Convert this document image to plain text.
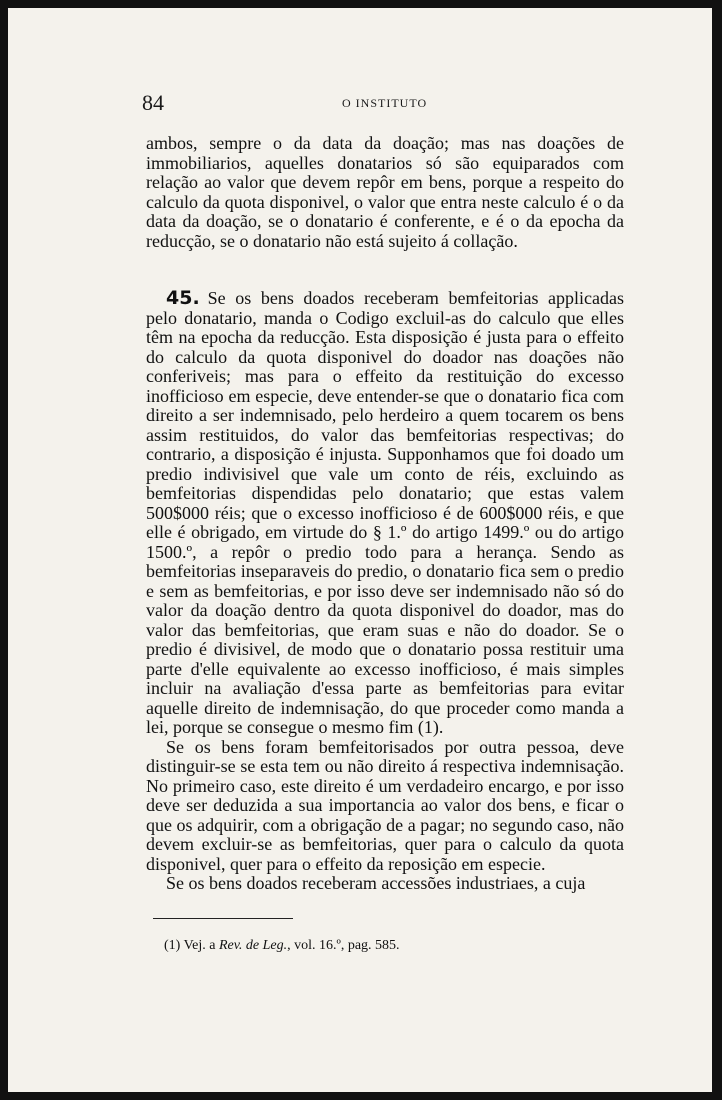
84	O INSTITUTO

ambos, sempre o da data da doação; mas nas doações de immobiliarios, aquelles donatarios só são equiparados com relação ao valor que devem repôr em bens, porque a respeito do calculo da quota disponivel, o valor que entra neste calculo é o da data da doação, se o donatario é conferente, e é o da epocha da reducção, se o donatario não está sujeito á collação.

45. Se os bens doados receberam bemfeitorias applicadas pelo donatario, manda o Codigo excluil-as do calculo que elles têm na epocha da reducção. Esta disposição é justa para o effeito do calculo da quota disponivel do doador nas doações não conferiveis; mas para o effeito da restituição do excesso inofficioso em especie, deve entender-se que o donatario fica com direito a ser indemnisado, pelo herdeiro a quem tocarem os bens assim restituidos, do valor das bemfeitorias respectivas; do contrario, a disposição é injusta. Supponhamos que foi doado um predio indivisivel que vale um conto de réis, excluindo as bemfeitorias dispendidas pelo donatario; que estas valem 500$000 réis; que o excesso inofficioso é de 600$000 réis, e que elle é obrigado, em virtude do § 1.º do artigo 1499.º ou do artigo 1500.º, a repôr o predio todo para a herança. Sendo as bemfeitorias inseparaveis do predio, o donatario fica sem o predio e sem as bemfeitorias, e por isso deve ser indemnisado não só do valor da doação dentro da quota disponivel do doador, mas do valor das bemfeitorias, que eram suas e não do doador. Se o predio é divisivel, de modo que o donatario possa restituir uma parte d'elle equivalente ao excesso inofficioso, é mais simples incluir na avaliação d'essa parte as bemfeitorias para evitar aquelle direito de indemnisação, do que proceder como manda a lei, porque se consegue o mesmo fim (1).

Se os bens foram bemfeitorisados por outra pessoa, deve distinguir-se se esta tem ou não direito á respectiva indemnisação. No primeiro caso, este direito é um verdadeiro encargo, e por isso deve ser deduzida a sua importancia ao valor dos bens, e ficar o que os adquirir, com a obrigação de a pagar; no segundo caso, não devem excluir-se as bemfeitorias, quer para o calculo da quota disponivel, quer para o effeito da reposição em especie.

Se os bens doados receberam accessões industriaes, a cuja

(1) Vej. a Rev. de Leg., vol. 16.º, pag. 585.
